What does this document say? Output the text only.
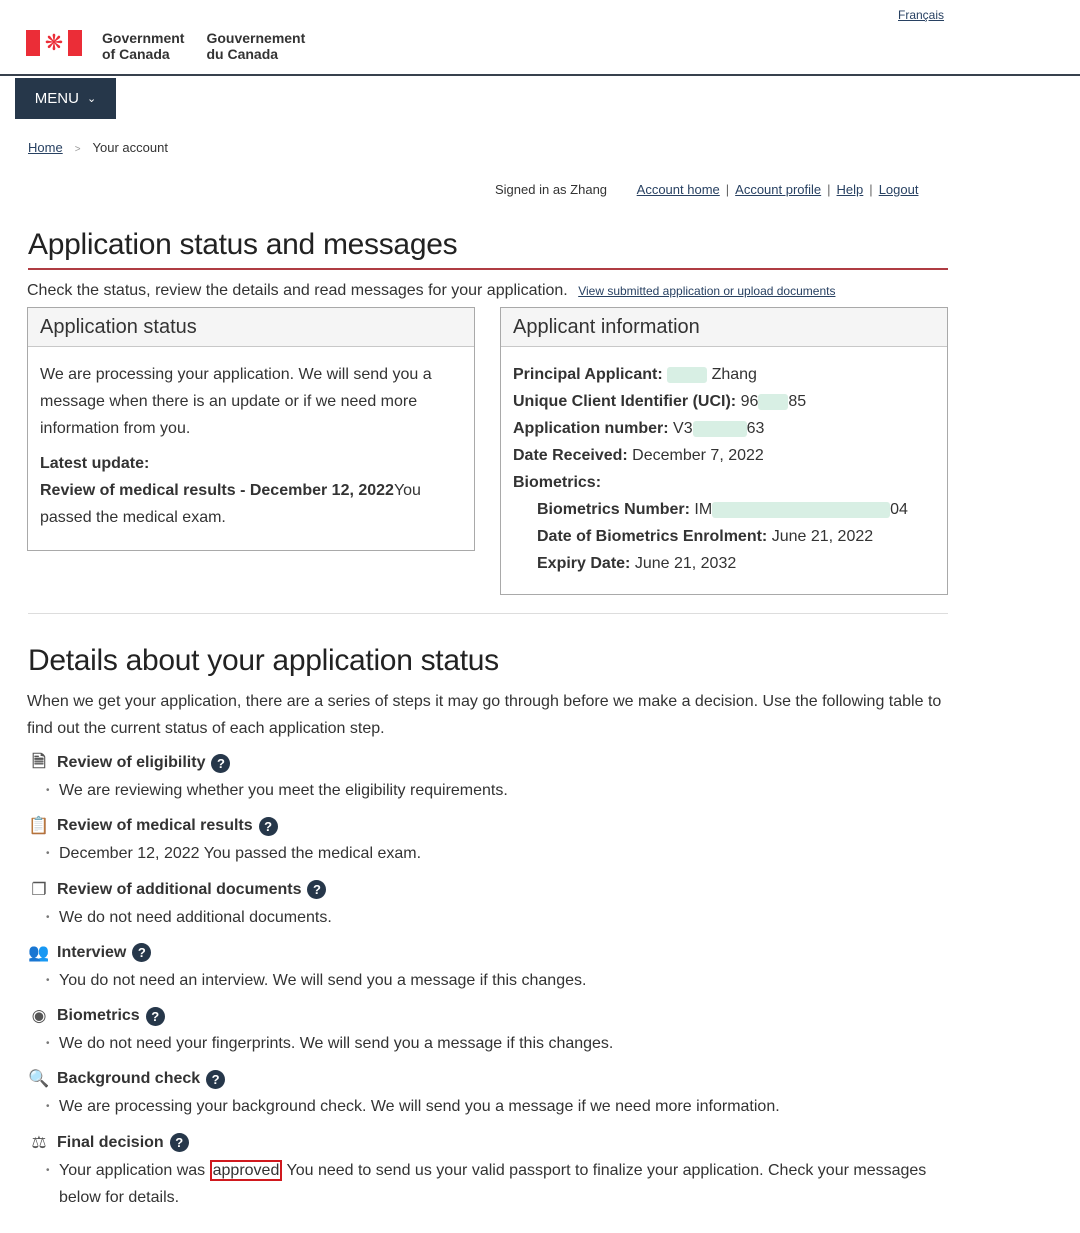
Français
❋	Government
of Canada
Gouvernement
du Canada
MENU ⌄
Home > Your account
Signed in as Zhang Account home | Account profile | Help | Logout
Application status and messages
Check the status, review the details and read messages for your application. View submitted application or upload documents
Application status
We are processing your application. We will send you a message when there is an update or if we need more information from you.
Latest update:
Review of medical results - December 12, 2022You passed the medical exam.
Applicant information
Principal Applicant:	Zhang
Unique Client Identifier (UCI): 96 85
Application number: V3	63
Date Received: December 7, 2022
Biometrics:
Biometrics Number: IM	04
Date of Biometrics Enrolment: June 21, 2022
Expiry Date: June 21, 2032
Details about your application status
When we get your application, there are a series of steps it may go through before we make a decision. Use the following table to find out the current status of each application step.
🗎 Review of eligibility ?
• We are reviewing whether you meet the eligibility requirements.
📋 Review of medical results ?
• December 12, 2022 You passed the medical exam.
❐ Review of additional documents ?
• We do not need additional documents.
👥 Interview ?
• You do not need an interview. We will send you a message if this changes.
◉ Biometrics ?
• We do not need your fingerprints. We will send you a message if this changes.
🔍 Background check ?
• We are processing your background check. We will send you a message if we need more information.
⚖ Final decision ?
• Your application was approved You need to send us your valid passport to finalize your application. Check your messages below for details.
